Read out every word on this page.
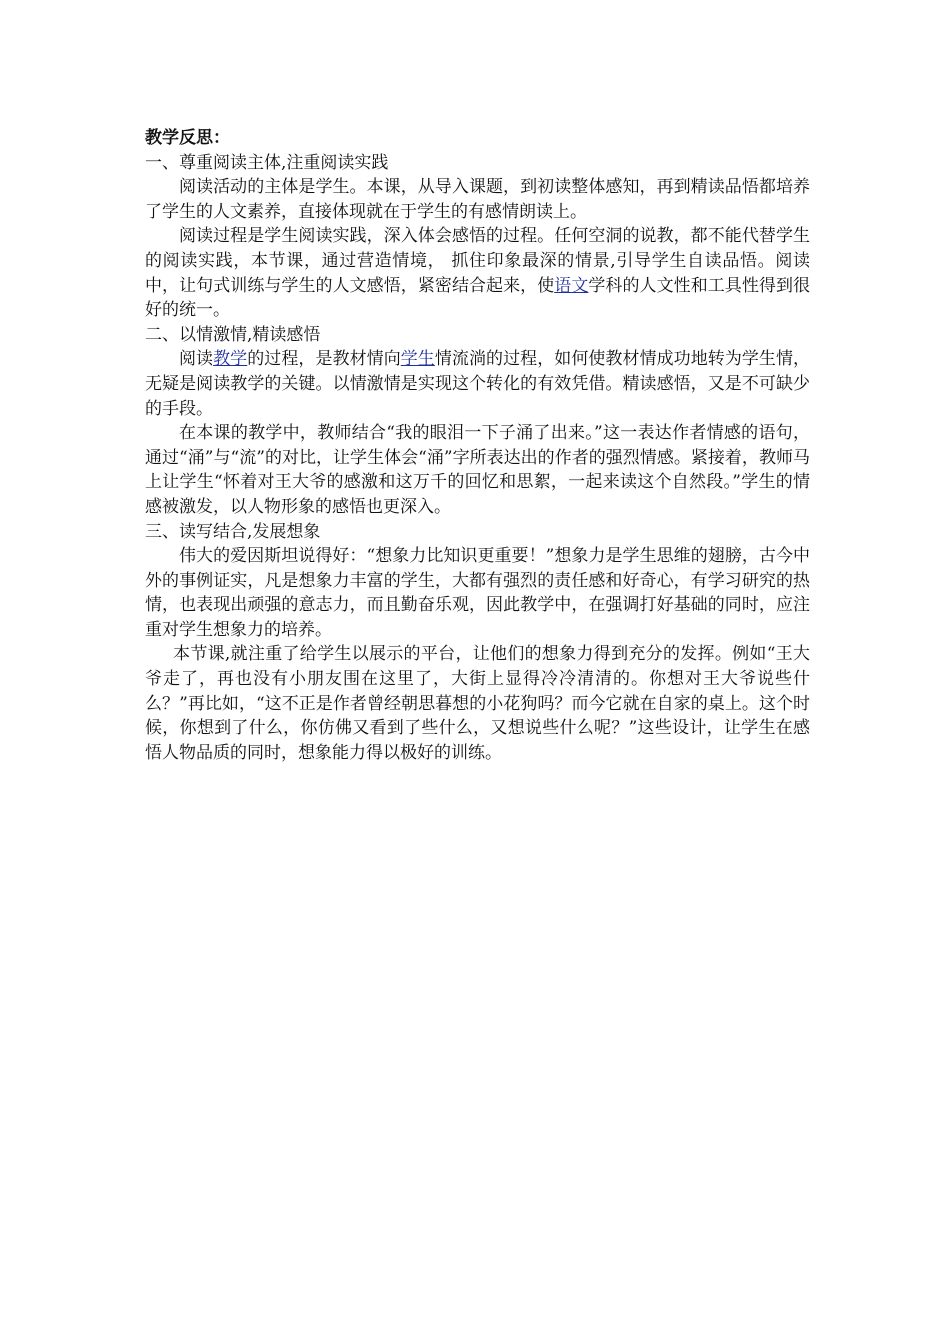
教学反思：

一、尊重阅读主体,注重阅读实践

阅读活动的主体是学生。本课，从导入课题，到初读整体感知，再到精读品悟都培养了学生的人文素养，直接体现就在于学生的有感情朗读上。

阅读过程是学生阅读实践，深入体会感悟的过程。任何空洞的说教，都不能代替学生的阅读实践，本节课，通过营造情境， 抓住印象最深的情景,引导学生自读品悟。阅读中，让句式训练与学生的人文感悟，紧密结合起来，使语文学科的人文性和工具性得到很好的统一。

二、以情激情,精读感悟

阅读教学的过程，是教材情向学生情流淌的过程，如何使教材情成功地转为学生情，无疑是阅读教学的关键。以情激情是实现这个转化的有效凭借。精读感悟，又是不可缺少的手段。

在本课的教学中，教师结合“我的眼泪一下子涌了出来。”这一表达作者情感的语句，通过“涌”与“流”的对比，让学生体会“涌”字所表达出的作者的强烈情感。紧接着，教师马上让学生“怀着对王大爷的感激和这万千的回忆和思絮，一起来读这个自然段。”学生的情感被激发，以人物形象的感悟也更深入。

三、读写结合,发展想象

伟大的爱因斯坦说得好：“想象力比知识更重要！”想象力是学生思维的翅膀，古今中外的事例证实，凡是想象力丰富的学生，大都有强烈的责任感和好奇心，有学习研究的热情，也表现出顽强的意志力，而且勤奋乐观，因此教学中，在强调打好基础的同时，应注重对学生想象力的培养。

本节课,就注重了给学生以展示的平台，让他们的想象力得到充分的发挥。例如“王大爷走了，再也没有小朋友围在这里了，大街上显得冷冷清清的。你想对王大爷说些什么？”再比如，“这不正是作者曾经朝思暮想的小花狗吗？而今它就在自家的桌上。这个时候，你想到了什么，你仿佛又看到了些什么，又想说些什么呢？”这些设计，让学生在感悟人物品质的同时，想象能力得以极好的训练。
